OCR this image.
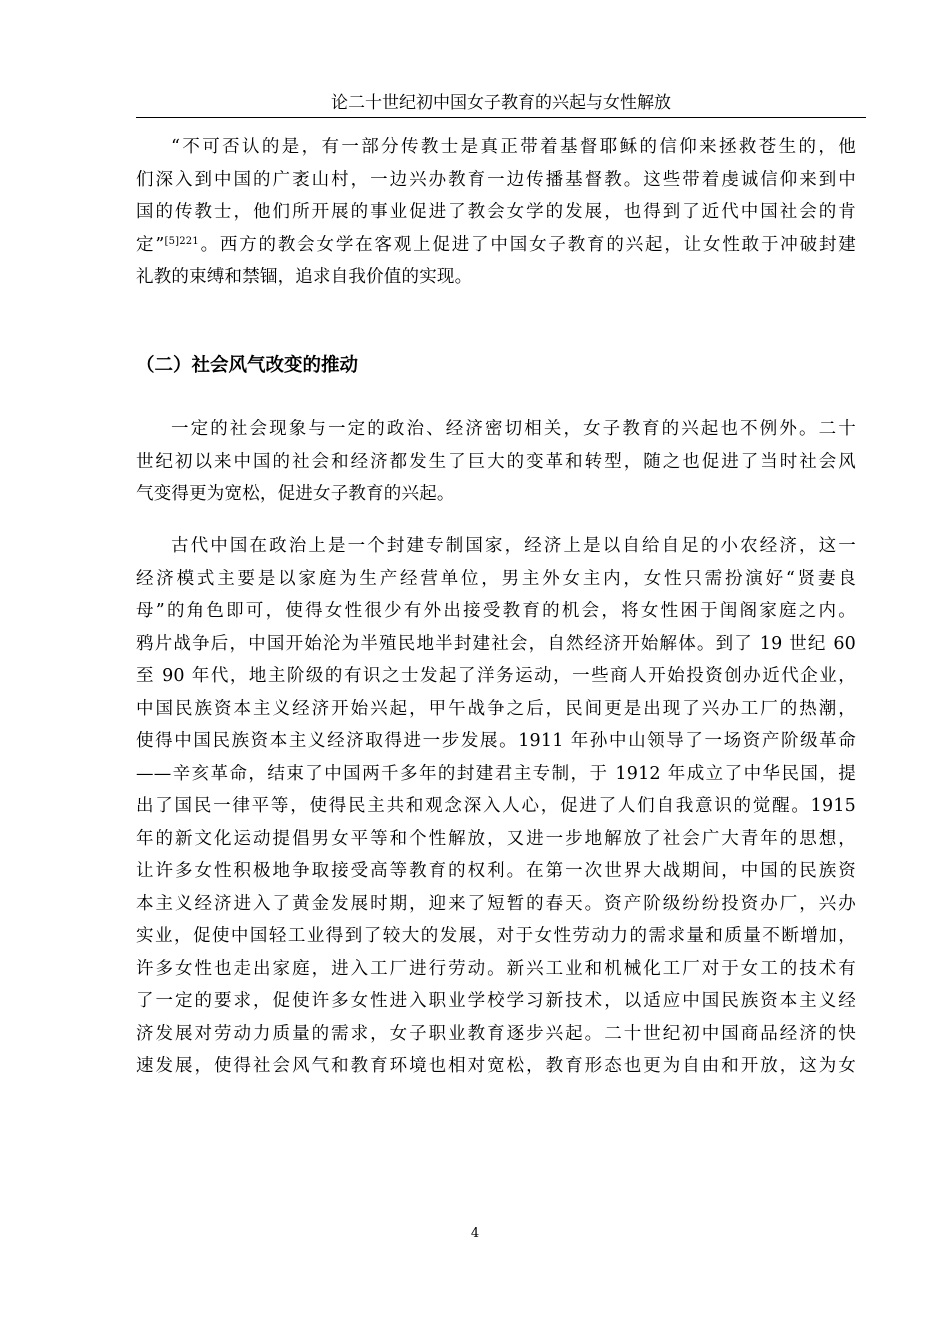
论二十世纪初中国女子教育的兴起与女性解放
“不可否认的是，有一部分传教士是真正带着基督耶稣的信仰来拯救苍生的，他
们深入到中国的广袤山村，一边兴办教育一边传播基督教。这些带着虔诚信仰来到中
国的传教士，他们所开展的事业促进了教会女学的发展，也得到了近代中国社会的肯
定”$^{[5]221}$。西方的教会女学在客观上促进了中国女子教育的兴起，让女性敢于冲破封建
礼教的束缚和禁锢，追求自我价值的实现。
（二）社会风气改变的推动
一定的社会现象与一定的政治、经济密切相关，女子教育的兴起也不例外。二十
世纪初以来中国的社会和经济都发生了巨大的变革和转型，随之也促进了当时社会风
气变得更为宽松，促进女子教育的兴起。
古代中国在政治上是一个封建专制国家，经济上是以自给自足的小农经济，这一
经济模式主要是以家庭为生产经营单位，男主外女主内，女性只需扮演好“贤妻良
母”的角色即可，使得女性很少有外出接受教育的机会，将女性困于闺阁家庭之内。
鸦片战争后，中国开始沦为半殖民地半封建社会，自然经济开始解体。到了 19 世纪 60
至 90 年代，地主阶级的有识之士发起了洋务运动，一些商人开始投资创办近代企业，
中国民族资本主义经济开始兴起，甲午战争之后，民间更是出现了兴办工厂的热潮，
使得中国民族资本主义经济取得进一步发展。1911 年孙中山领导了一场资产阶级革命
——辛亥革命，结束了中国两千多年的封建君主专制，于 1912 年成立了中华民国，提
出了国民一律平等，使得民主共和观念深入人心，促进了人们自我意识的觉醒。1915
年的新文化运动提倡男女平等和个性解放，又进一步地解放了社会广大青年的思想，
让许多女性积极地争取接受高等教育的权利。在第一次世界大战期间，中国的民族资
本主义经济进入了黄金发展时期，迎来了短暂的春天。资产阶级纷纷投资办厂，兴办
实业，促使中国轻工业得到了较大的发展，对于女性劳动力的需求量和质量不断增加，
许多女性也走出家庭，进入工厂进行劳动。新兴工业和机械化工厂对于女工的技术有
了一定的要求，促使许多女性进入职业学校学习新技术，以适应中国民族资本主义经
济发展对劳动力质量的需求，女子职业教育逐步兴起。二十世纪初中国商品经济的快
速发展，使得社会风气和教育环境也相对宽松，教育形态也更为自由和开放，这为女
4
